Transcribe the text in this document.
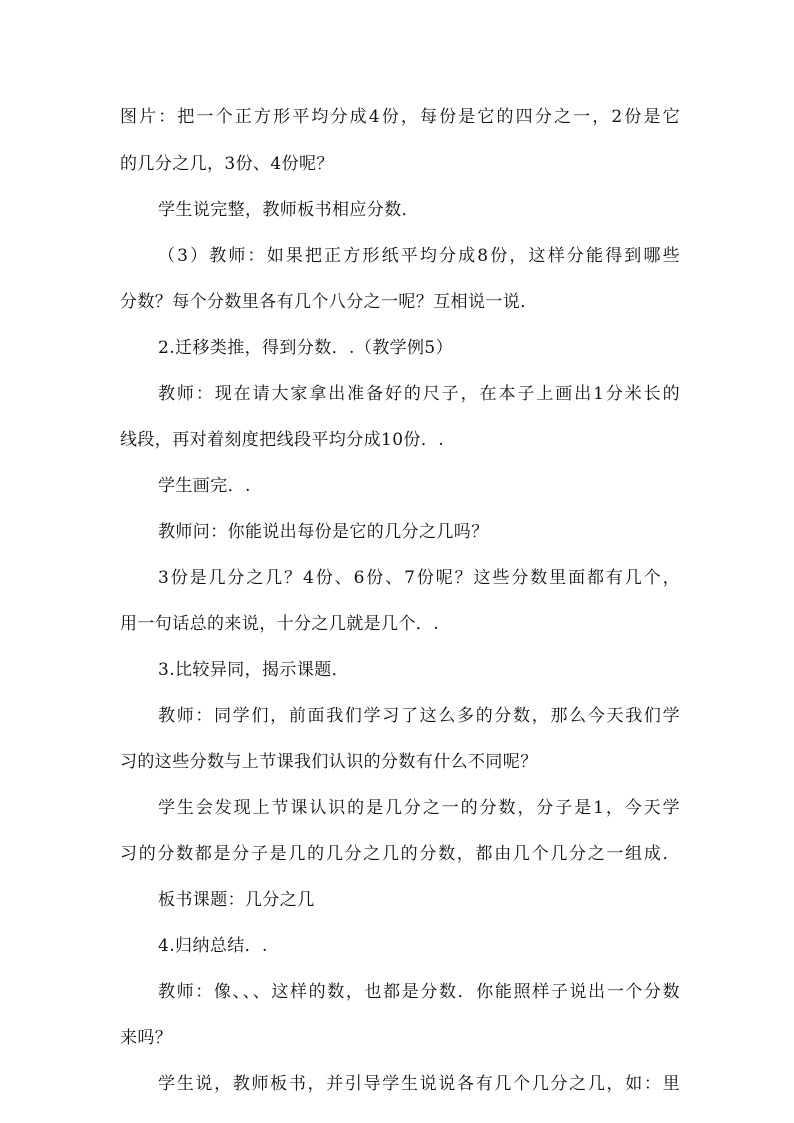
图片：把一个正方形平均分成4份，每份是它的四分之一，2份是它
的几分之几，3份、4份呢？
学生说完整，教师板书相应分数．
（3）教师：如果把正方形纸平均分成8份，这样分能得到哪些
分数？每个分数里各有几个八分之一呢？互相说一说．
2.迁移类推，得到分数．.（教学例5）
教师：现在请大家拿出准备好的尺子，在本子上画出1分米长的
线段，再对着刻度把线段平均分成10份．.
学生画完．.
教师问：你能说出每份是它的几分之几吗？
3份是几分之几？4份、6份、7份呢？这些分数里面都有几个，
用一句话总的来说，十分之几就是几个．.
3.比较异同，揭示课题．
教师：同学们，前面我们学习了这么多的分数，那么今天我们学
习的这些分数与上节课我们认识的分数有什么不同呢？
学生会发现上节课认识的是几分之一的分数，分子是1，今天学
习的分数都是分子是几的几分之几的分数，都由几个几分之一组成．
板书课题：几分之几
4.归纳总结．.
教师：像、、、这样的数，也都是分数．你能照样子说出一个分数
来吗？
学生说，教师板书，并引导学生说说各有几个几分之几，如：里
